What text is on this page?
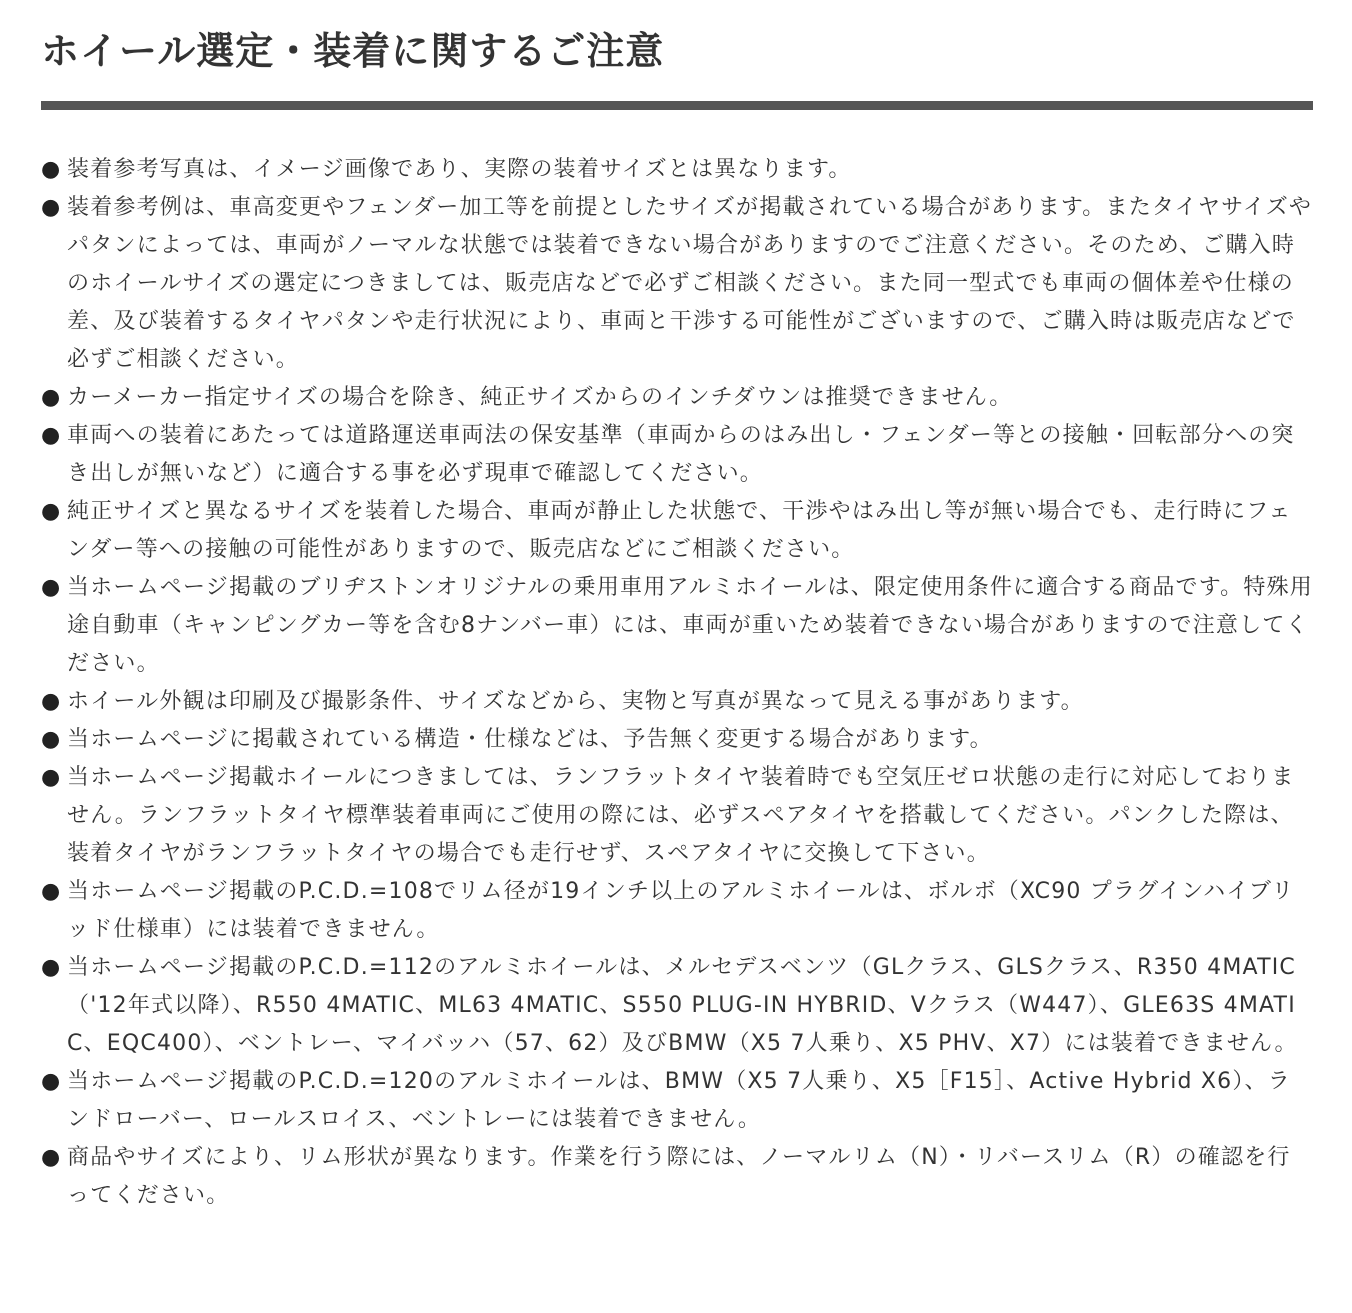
ホイール選定・装着に関するご注意
● 装着参考写真は、イメージ画像であり、実際の装着サイズとは異なります。
● 装着参考例は、車高変更やフェンダー加工等を前提としたサイズが掲載されている場合があります。またタイヤサイズやパタンによっては、車両がノーマルな状態では装着できない場合がありますのでご注意ください。そのため、ご購入時のホイールサイズの選定につきましては、販売店などで必ずご相談ください。また同一型式でも車両の個体差や仕様の差、及び装着するタイヤパタンや走行状況により、車両と干渉する可能性がございますので、ご購入時は販売店などで必ずご相談ください。
● カーメーカー指定サイズの場合を除き、純正サイズからのインチダウンは推奨できません。
● 車両への装着にあたっては道路運送車両法の保安基準（車両からのはみ出し・フェンダー等との接触・回転部分への突き出しが無いなど）に適合する事を必ず現車で確認してください。
● 純正サイズと異なるサイズを装着した場合、車両が静止した状態で、干渉やはみ出し等が無い場合でも、走行時にフェンダー等への接触の可能性がありますので、販売店などにご相談ください。
● 当ホームページ掲載のブリヂストンオリジナルの乗用車用アルミホイールは、限定使用条件に適合する商品です。特殊用途自動車（キャンピングカー等を含む8ナンバー車）には、車両が重いため装着できない場合がありますので注意してください。
● ホイール外観は印刷及び撮影条件、サイズなどから、実物と写真が異なって見える事があります。
● 当ホームページに掲載されている構造・仕様などは、予告無く変更する場合があります。
● 当ホームページ掲載ホイールにつきましては、ランフラットタイヤ装着時でも空気圧ゼロ状態の走行に対応しておりません。ランフラットタイヤ標準装着車両にご使用の際には、必ずスペアタイヤを搭載してください。パンクした際は、装着タイヤがランフラットタイヤの場合でも走行せず、スペアタイヤに交換して下さい。
● 当ホームページ掲載のP.C.D.=108でリム径が19インチ以上のアルミホイールは、ボルボ（XC90 プラグインハイブリッド仕様車）には装着できません。
● 当ホームページ掲載のP.C.D.=112のアルミホイールは、メルセデスベンツ（GLクラス、GLSクラス、R350 4MATIC（'12年式以降）、R550 4MATIC、ML63 4MATIC、S550 PLUG-IN HYBRID、Vクラス（W447）、GLE63S 4MATIC、EQC400）、ベントレー、マイバッハ（57、62）及びBMW（X5 7人乗り、X5 PHV、X7）には装着できません。
● 当ホームページ掲載のP.C.D.=120のアルミホイールは、BMW（X5 7人乗り、X5［F15］、Active Hybrid X6）、ランドローバー、ロールスロイス、ベントレーには装着できません。
● 商品やサイズにより、リム形状が異なります。作業を行う際には、ノーマルリム（N）・リバースリム（R）の確認を行ってください。
